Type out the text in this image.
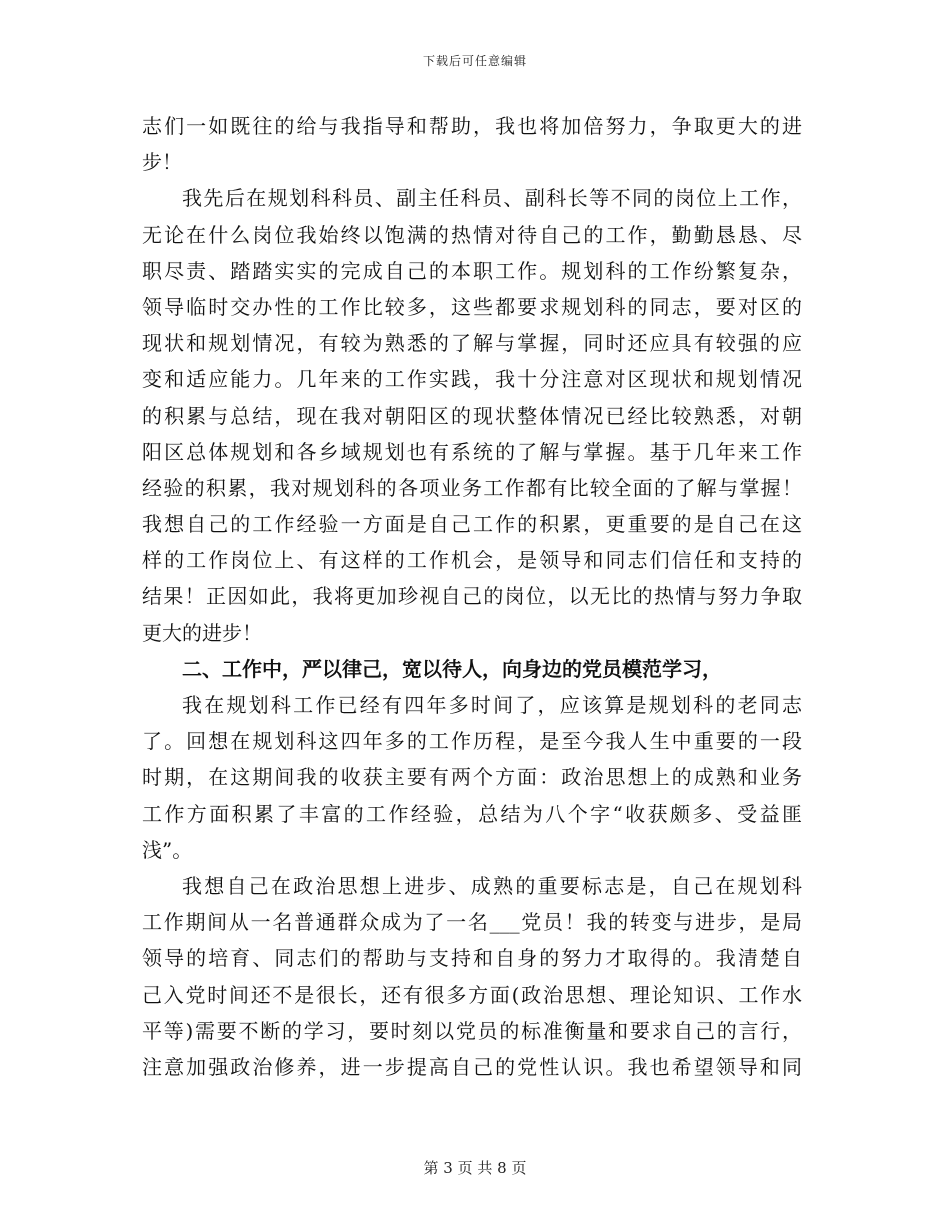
下载后可任意编辑
志们一如既往的给与我指导和帮助，我也将加倍努力，争取更大的进
步！
我先后在规划科科员、副主任科员、副科长等不同的岗位上工作，
无论在什么岗位我始终以饱满的热情对待自己的工作，勤勤恳恳、尽
职尽责、踏踏实实的完成自己的本职工作。规划科的工作纷繁复杂，
领导临时交办性的工作比较多，这些都要求规划科的同志，要对区的
现状和规划情况，有较为熟悉的了解与掌握，同时还应具有较强的应
变和适应能力。几年来的工作实践，我十分注意对区现状和规划情况
的积累与总结，现在我对朝阳区的现状整体情况已经比较熟悉，对朝
阳区总体规划和各乡域规划也有系统的了解与掌握。基于几年来工作
经验的积累，我对规划科的各项业务工作都有比较全面的了解与掌握！
我想自己的工作经验一方面是自己工作的积累，更重要的是自己在这
样的工作岗位上、有这样的工作机会，是领导和同志们信任和支持的
结果！正因如此，我将更加珍视自己的岗位，以无比的热情与努力争取
更大的进步！
二、工作中，严以律己，宽以待人，向身边的党员模范学习，
我在规划科工作已经有四年多时间了，应该算是规划科的老同志
了。回想在规划科这四年多的工作历程，是至今我人生中重要的一段
时期，在这期间我的收获主要有两个方面：政治思想上的成熟和业务
工作方面积累了丰富的工作经验，总结为八个字“收获颇多、受益匪
浅”。
我想自己在政治思想上进步、成熟的重要标志是，自己在规划科
工作期间从一名普通群众成为了一名___党员！我的转变与进步，是局
领导的培育、同志们的帮助与支持和自身的努力才取得的。我清楚自
己入党时间还不是很长，还有很多方面(政治思想、理论知识、工作水
平等)需要不断的学习，要时刻以党员的标准衡量和要求自己的言行，
注意加强政治修养，进一步提高自己的党性认识。我也希望领导和同
第 3 页 共 8 页
